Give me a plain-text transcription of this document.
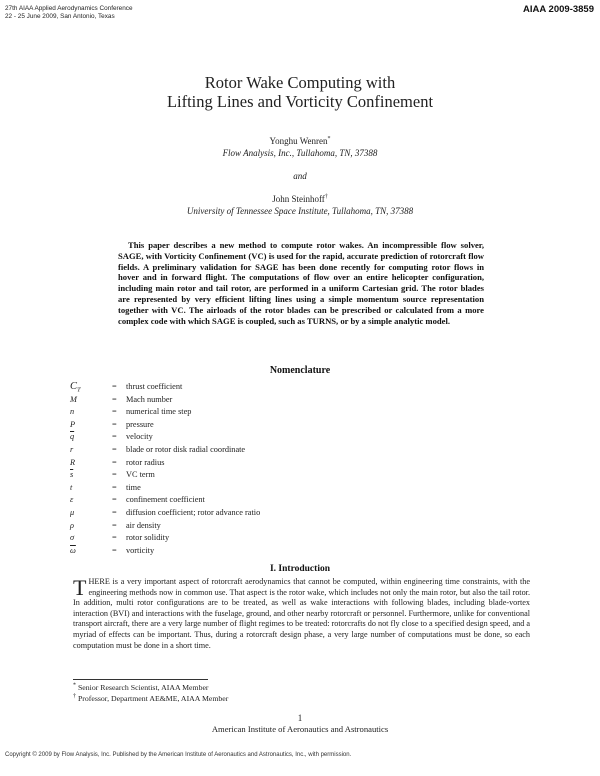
27th AIAA Applied Aerodynamics Conference
22 - 25 June 2009, San Antonio, Texas
AIAA 2009-3859
Rotor Wake Computing with
Lifting Lines and Vorticity Confinement
Yonghu Wenren*
Flow Analysis, Inc., Tullahoma, TN, 37388
and
John Steinhoff†
University of Tennessee Space Institute, Tullahoma, TN, 37388
This paper describes a new method to compute rotor wakes. An incompressible flow solver, SAGE, with Vorticity Confinement (VC) is used for the rapid, accurate prediction of rotorcraft flow fields. A preliminary validation for SAGE has been done recently for computing rotor flows in hover and in forward flight. The computations of flow over an entire helicopter configuration, including main rotor and tail rotor, are performed in a uniform Cartesian grid. The rotor blades are represented by very efficient lifting lines using a simple momentum source representation together with VC. The airloads of the rotor blades can be prescribed or calculated from a more complex code with which SAGE is coupled, such as TURNS, or by a simple analytic model.
Nomenclature
$C_T$	= thrust coefficient
M	= Mach number
n	= numerical time step
P	= pressure
$\overline{q}$	= velocity
r	= blade or rotor disk radial coordinate
R	= rotor radius
$\overline{s}$	= VC term
t	= time
ε	= confinement coefficient
μ	= diffusion coefficient; rotor advance ratio
ρ	= air density
σ	= rotor solidity
$\overline{\omega}$	= vorticity
I. Introduction
THERE is a very important aspect of rotorcraft aerodynamics that cannot be computed, within engineering time constraints, with the engineering methods now in common use. That aspect is the rotor wake, which includes not only the main rotor, but also the tail rotor. In addition, multi rotor configurations are to be treated, as well as wake interactions with following blades, including blade-vortex interaction (BVI) and interactions with the fuselage, ground, and other nearby rotorcraft or personnel. Furthermore, unlike for conventional transport aircraft, there are a very large number of flight regimes to be treated: rotorcrafts do not fly close to a specified design speed, and a myriad of effects can be important. Thus, during a rotorcraft design phase, a very large number of computations must be done, so each computation must be done in a short time.
* Senior Research Scientist, AIAA Member
† Professor, Department AE&ME, AIAA Member
1
American Institute of Aeronautics and Astronautics
Copyright © 2009 by Flow Analysis, Inc. Published by the American Institute of Aeronautics and Astronautics, Inc., with permission.
